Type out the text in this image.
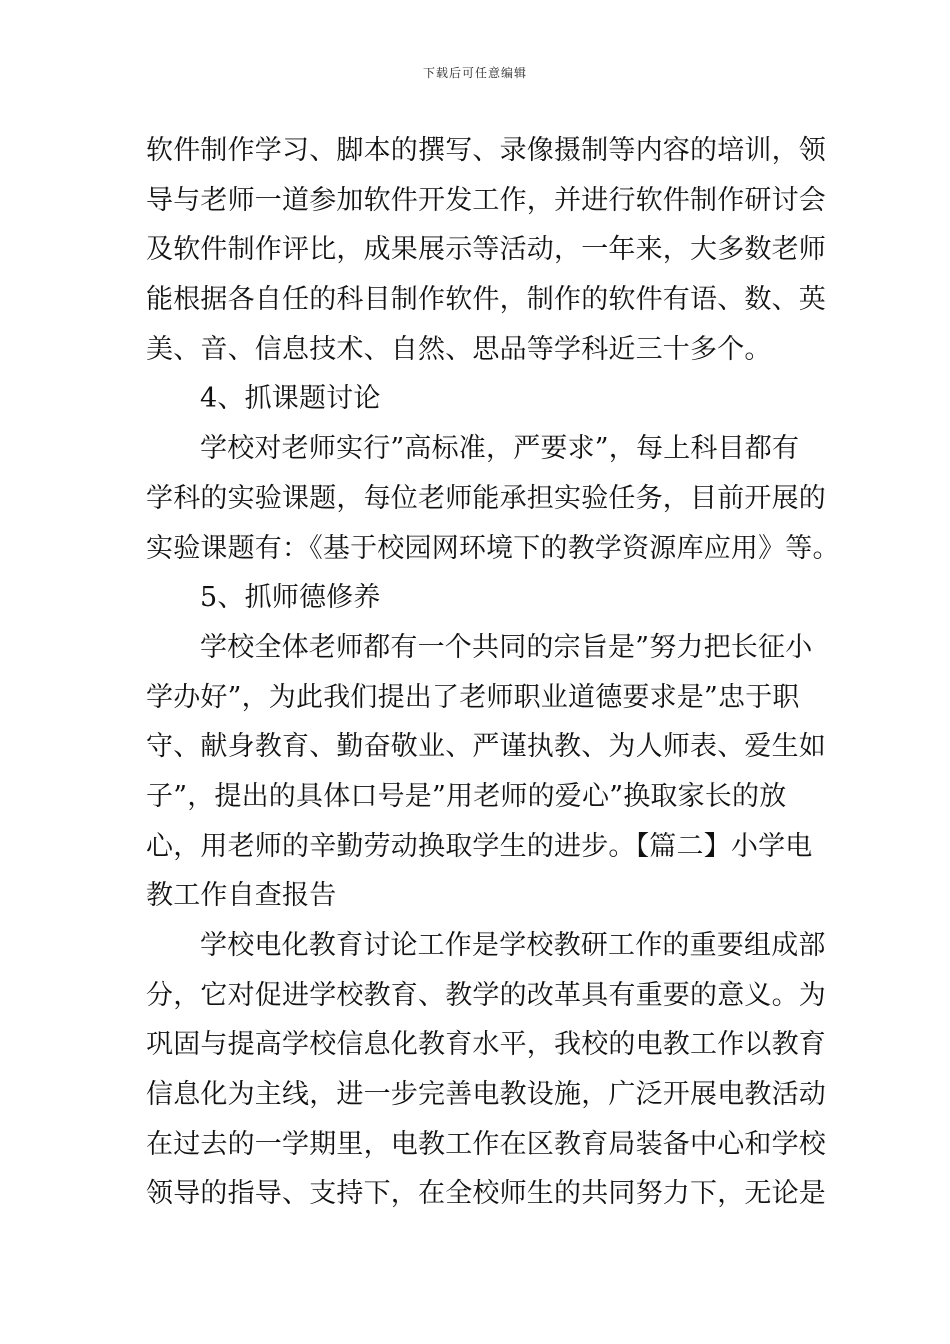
下载后可任意编辑
软件制作学习、脚本的撰写、录像摄制等内容的培训，领
导与老师一道参加软件开发工作，并进行软件制作研讨会
及软件制作评比，成果展示等活动，一年来，大多数老师
能根据各自任的科目制作软件，制作的软件有语、数、英
美、音、信息技术、自然、思品等学科近三十多个。
4、抓课题讨论
学校对老师实行”高标准，严要求”，每上科目都有
学科的实验课题，每位老师能承担实验任务，目前开展的
实验课题有：《基于校园网环境下的教学资源库应用》等。
5、抓师德修养
学校全体老师都有一个共同的宗旨是”努力把长征小
学办好”，为此我们提出了老师职业道德要求是”忠于职
守、献身教育、勤奋敬业、严谨执教、为人师表、爱生如
子”，提出的具体口号是”用老师的爱心”换取家长的放
心，用老师的辛勤劳动换取学生的进步。【篇二】小学电
教工作自查报告
学校电化教育讨论工作是学校教研工作的重要组成部
分，它对促进学校教育、教学的改革具有重要的意义。为
巩固与提高学校信息化教育水平，我校的电教工作以教育
信息化为主线，进一步完善电教设施，广泛开展电教活动
在过去的一学期里，电教工作在区教育局装备中心和学校
领导的指导、支持下，在全校师生的共同努力下，无论是
